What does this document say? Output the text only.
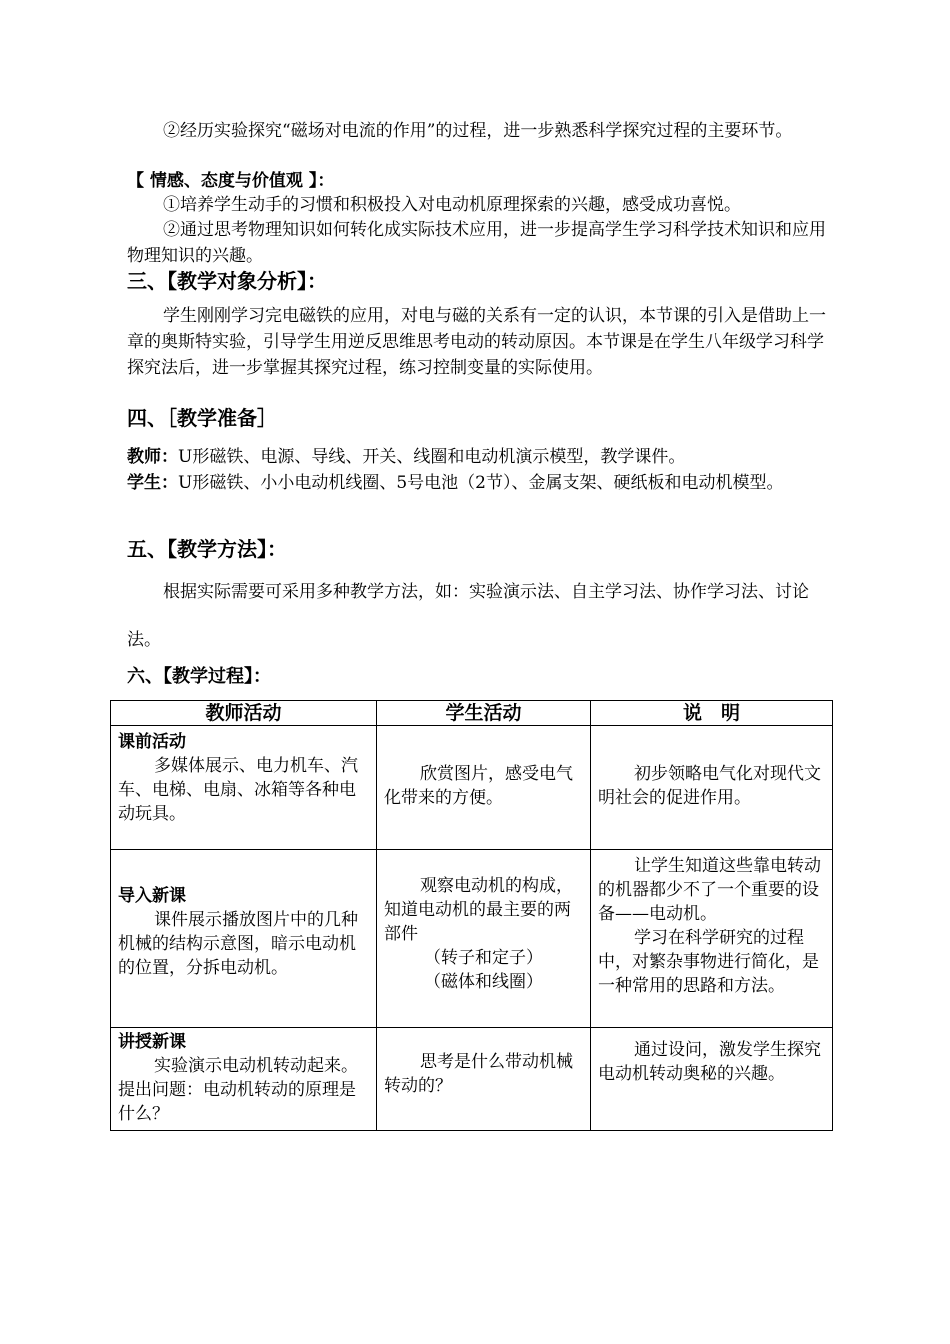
②经历实验探究“磁场对电流的作用”的过程，进一步熟悉科学探究过程的主要环节。

【 情感、态度与价值观 】：

①培养学生动手的习惯和积极投入对电动机原理探索的兴趣，感受成功喜悦。

②通过思考物理知识如何转化成实际技术应用，进一步提高学生学习科学技术知识和应用物理知识的兴趣。

三、【教学对象分析】：

学生刚刚学习完电磁铁的应用，对电与磁的关系有一定的认识，本节课的引入是借助上一章的奥斯特实验，引导学生用逆反思维思考电动的转动原因。本节课是在学生八年级学习科学探究法后，进一步掌握其探究过程，练习控制变量的实际使用。

四、［教学准备］

教师：U形磁铁、电源、导线、开关、线圈和电动机演示模型，教学课件。

学生：U形磁铁、小小电动机线圈、5号电池（2节）、金属支架、硬纸板和电动机模型。

五、【教学方法】：

根据实际需要可采用多种教学方法，如：实验演示法、自主学习法、协作学习法、讨论法。

六、【教学过程】：

教师活动	学生活动	说　明

课前活动
多媒体展示、电力机车、汽车、电梯、电扇、冰箱等各种电动玩具。	欣赏图片，感受电气化带来的方便。	初步领略电气化对现代文明社会的促进作用。

导入新课
课件展示播放图片中的几种机械的结构示意图，暗示电动机的位置，分拆电动机。	观察电动机的构成，知道电动机的最主要的两部件
（转子和定子）
（磁体和线圈）	让学生知道这些靠电转动的机器都少不了一个重要的设备——电动机。
学习在科学研究的过程中，对繁杂事物进行简化，是一种常用的思路和方法。

讲授新课
实验演示电动机转动起来。提出问题：电动机转动的原理是什么？	思考是什么带动机械转动的？	通过设问，激发学生探究电动机转动奥秘的兴趣。
